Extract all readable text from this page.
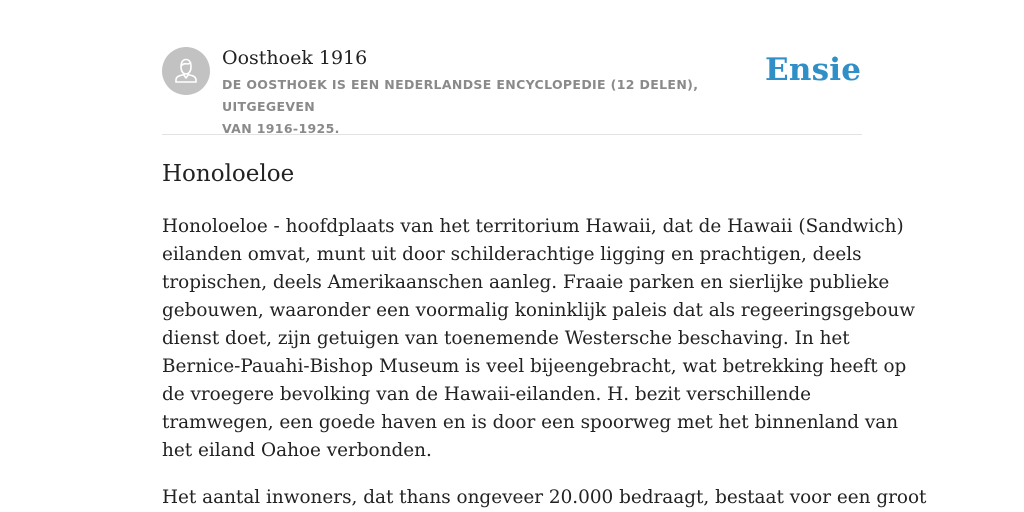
Oosthoek 1916
DE OOSTHOEK IS EEN NEDERLANDSE ENCYCLOPEDIE (12 DELEN), UITGEGEVEN
VAN 1916-1925.
Ensie
Honoloeloe

Honoloeloe - hoofdplaats van het territorium Hawaii, dat de Hawaii (Sandwich)
eilanden omvat, munt uit door schilderachtige ligging en prachtigen, deels
tropischen, deels Amerikaanschen aanleg. Fraaie parken en sierlijke publieke
gebouwen, waaronder een voormalig koninklijk paleis dat als regeeringsgebouw
dienst doet, zijn getuigen van toenemende Westersche beschaving. In het
Bernice-Pauahi-Bishop Museum is veel bijeengebracht, wat betrekking heeft op
de vroegere bevolking van de Hawaii-eilanden. H. bezit verschillende
tramwegen, een goede haven en is door een spoorweg met het binnenland van
het eiland Oahoe verbonden.

Het aantal inwoners, dat thans ongeveer 20.000 bedraagt, bestaat voor een groot
